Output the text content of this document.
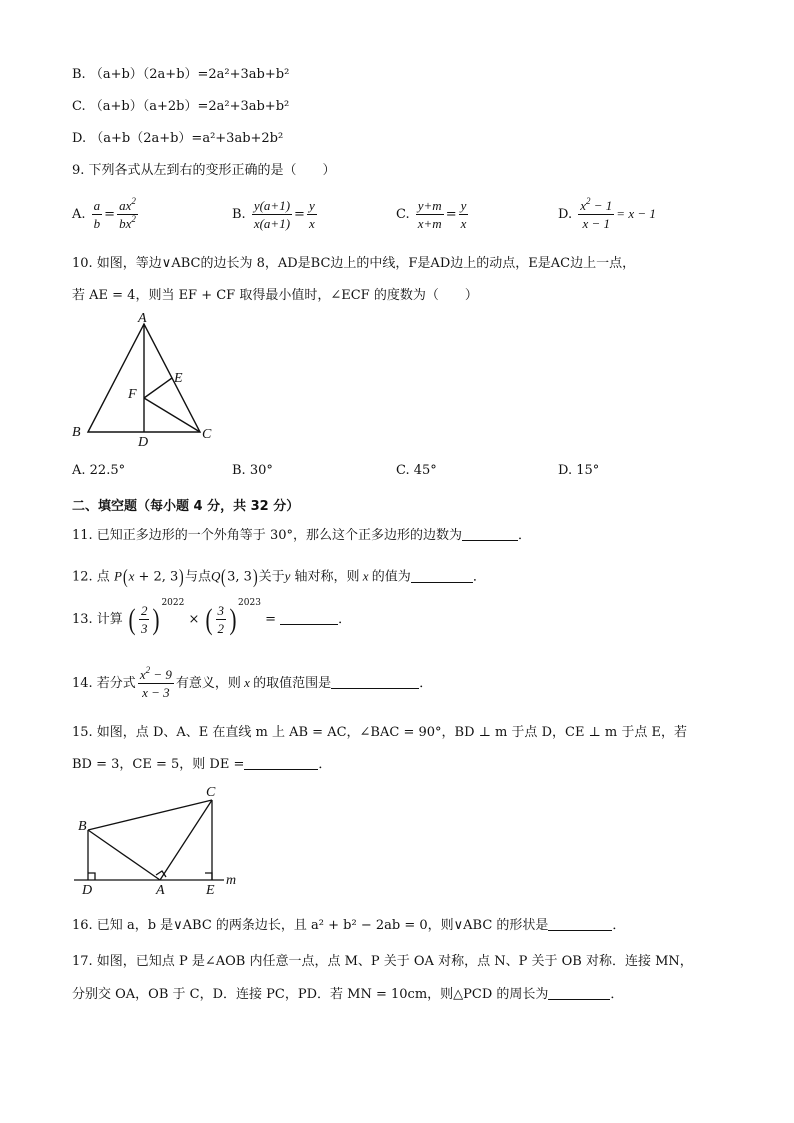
B. （a+b）（2a+b）=2a²+3ab+b²
C. （a+b）（a+2b）=2a²+3ab+b²
D. （a+b（2a+b）=a²+3ab+2b²
9. 下列各式从左到右的变形正确的是（　　）
A. $\frac{a}{b} = \frac{ax^2}{bx^2}$	B. $\frac{y(a+1)}{x(a+1)} = \frac{y}{x}$	C. $\frac{y+m}{x+m} = \frac{y}{x}$	D. $\frac{x^2 - 1}{x - 1} = x - 1$
10. 如图，等边∨ABC的边长为 8，AD是BC边上的中线，F是AD边上的动点，E是AC边上一点，
若 AE = 4，则当 EF + CF 取得最小值时，∠ECF 的度数为（　　）
A
B	C
D
E
F
A. 22.5°	B. 30°	C. 45°	D. 15°
二、填空题（每小题 4 分，共 32 分）
11. 已知正多边形的一个外角等于 30°，那么这个正多边形的边数为	．
12. 点 P(x + 2, 3)与点Q(3, 3)关于y 轴对称，则 x 的值为	．
13. 计算 ( $\frac{2}{3}$ ) $^{2022}$ × ( $\frac{3}{2}$ ) $^{2023}$ =	．
14. 若分式 $\frac{x^2 - 9}{x - 3}$ 有意义，则 x 的取值范围是	．
15. 如图，点 D、A、E 在直线 m 上 AB = AC，∠BAC = 90°，BD ⊥ m 于点 D，CE ⊥ m 于点 E，若
BD = 3，CE = 5，则 DE =	．
C
B
D	A	E
m
16. 已知 a，b 是∨ABC 的两条边长，且 a² + b² − 2ab = 0，则∨ABC 的形状是	．
17. 如图，已知点 P 是∠AOB 内任意一点，点 M、P 关于 OA 对称，点 N、P 关于 OB 对称．连接 MN，
分别交 OA，OB 于 C，D．连接 PC，PD．若 MN = 10cm，则△PCD 的周长为	．
